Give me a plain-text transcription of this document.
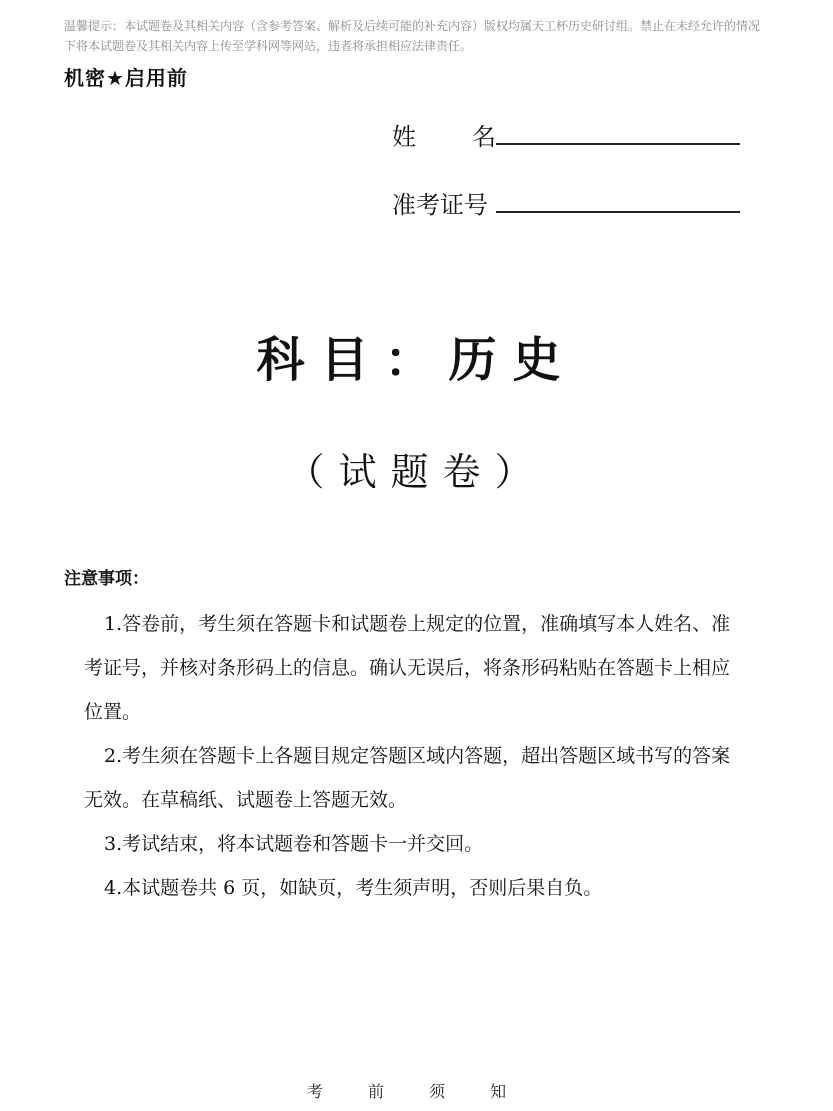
温馨提示：本试题卷及其相关内容（含参考答案、解析及后续可能的补充内容）版权均属天工杯历史研讨组。禁止在未经允许的情况下将本试题卷及其相关内容上传至学科网等网站，违者将承担相应法律责任。
机密★启用前
姓 名
准考证号
科目：历史
（试题卷）
注意事项：

1.答卷前，考生须在答题卡和试题卷上规定的位置，准确填写本人姓名、准考证号，并核对条形码上的信息。确认无误后，将条形码粘贴在答题卡上相应位置。

2.考生须在答题卡上各题目规定答题区域内答题，超出答题区域书写的答案无效。在草稿纸、试题卷上答题无效。

3.考试结束，将本试题卷和答题卡一并交回。

4.本试题卷共 6 页，如缺页，考生须声明，否则后果自负。

考 前 须 知
